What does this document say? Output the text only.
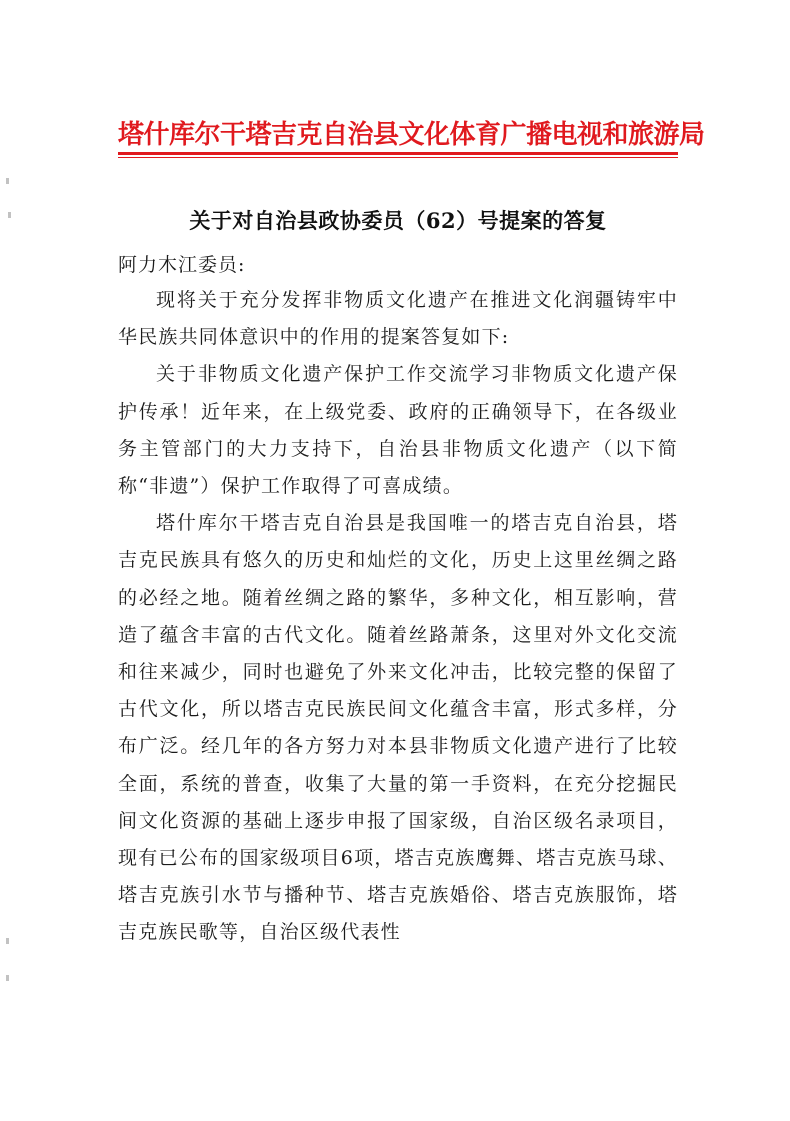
塔什库尔干塔吉克自治县文化体育广播电视和旅游局
关于对自治县政协委员（62）号提案的答复
阿力木江委员:

现将关于充分发挥非物质文化遗产在推进文化润疆铸牢中华民族共同体意识中的作用的提案答复如下:

关于非物质文化遗产保护工作交流学习非物质文化遗产保护传承！近年来，在上级党委、政府的正确领导下，在各级业务主管部门的大力支持下，自治县非物质文化遗产（以下简称“非遗”）保护工作取得了可喜成绩。

塔什库尔干塔吉克自治县是我国唯一的塔吉克自治县，塔吉克民族具有悠久的历史和灿烂的文化，历史上这里丝绸之路的必经之地。随着丝绸之路的繁华，多种文化，相互影响，营造了蕴含丰富的古代文化。随着丝路萧条，这里对外文化交流和往来减少，同时也避免了外来文化冲击，比较完整的保留了古代文化，所以塔吉克民族民间文化蕴含丰富，形式多样，分布广泛。经几年的各方努力对本县非物质文化遗产进行了比较全面，系统的普查，收集了大量的第一手资料，在充分挖掘民间文化资源的基础上逐步申报了国家级，自治区级名录项目，现有已公布的国家级项目6项，塔吉克族鹰舞、塔吉克族马球、塔吉克族引水节与播种节、塔吉克族婚俗、塔吉克族服饰，塔吉克族民歌等，自治区级代表性
